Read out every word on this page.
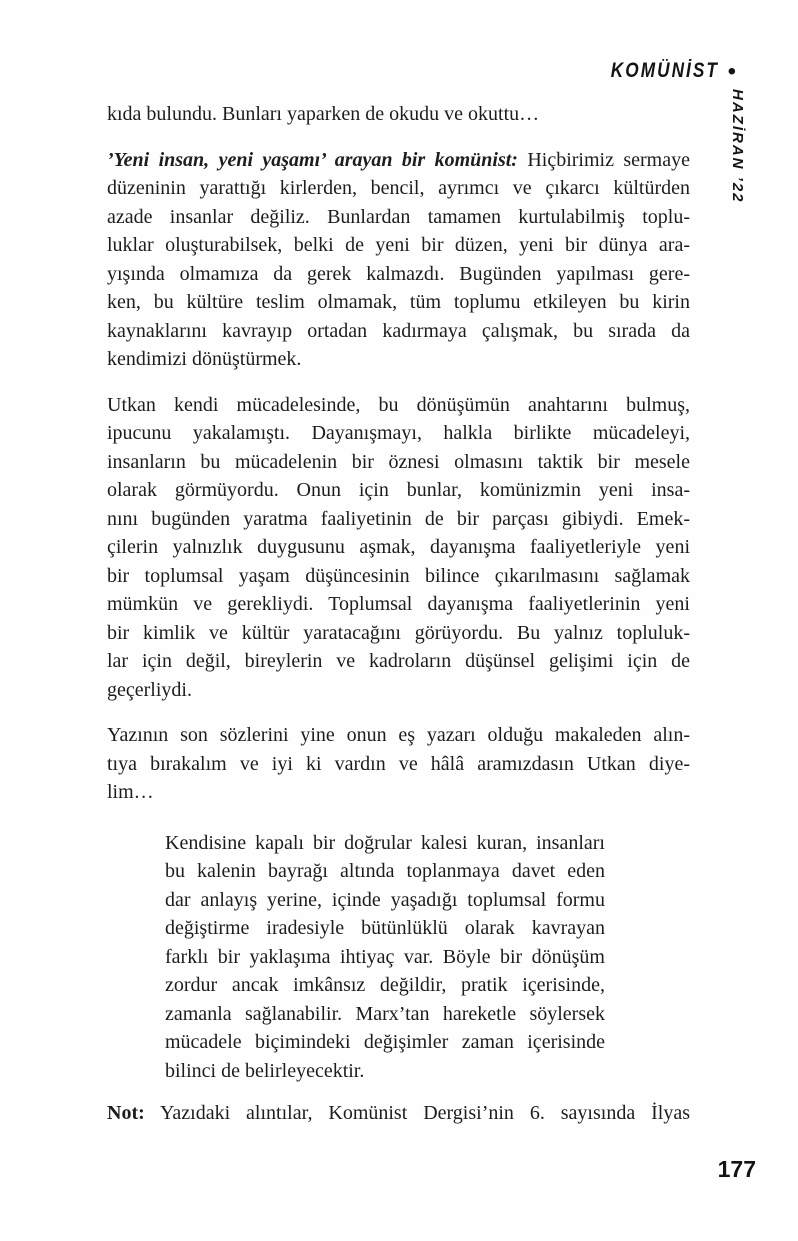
KOMÜNİST •
HAZİRAN ’22
kıda bulundu. Bunları yaparken de okudu ve okuttu…
’Yeni insan, yeni yaşamı’ arayan bir komünist: Hiçbirimiz sermaye
düzeninin yarattığı kirlerden, bencil, ayrımcı ve çıkarcı kültürden
azade insanlar değiliz. Bunlardan tamamen kurtulabilmiş toplu-
luklar oluşturabilsek, belki de yeni bir düzen, yeni bir dünya ara-
yışında olmamıza da gerek kalmazdı. Bugünden yapılması gere-
ken, bu kültüre teslim olmamak, tüm toplumu etkileyen bu kirin
kaynaklarını kavrayıp ortadan kadırmaya çalışmak, bu sırada da
kendimizi dönüştürmek.
Utkan kendi mücadelesinde, bu dönüşümün anahtarını bulmuş,
ipucunu yakalamıştı. Dayanışmayı, halkla birlikte mücadeleyi,
insanların bu mücadelenin bir öznesi olmasını taktik bir mesele
olarak görmüyordu. Onun için bunlar, komünizmin yeni insa-
nını bugünden yaratma faaliyetinin de bir parçası gibiydi. Emek-
çilerin yalnızlık duygusunu aşmak, dayanışma faaliyetleriyle yeni
bir toplumsal yaşam düşüncesinin bilince çıkarılmasını sağlamak
mümkün ve gerekliydi. Toplumsal dayanışma faaliyetlerinin yeni
bir kimlik ve kültür yaratacağını görüyordu. Bu yalnız topluluk-
lar için değil, bireylerin ve kadroların düşünsel gelişimi için de
geçerliydi.
Yazının son sözlerini yine onun eş yazarı olduğu makaleden alın-
tıya bırakalım ve iyi ki vardın ve hâlâ aramızdasın Utkan diye-
lim…
Kendisine kapalı bir doğrular kalesi kuran, insanları
bu kalenin bayrağı altında toplanmaya davet eden
dar anlayış yerine, içinde yaşadığı toplumsal formu
değiştirme iradesiyle bütünlüklü olarak kavrayan
farklı bir yaklaşıma ihtiyaç var. Böyle bir dönüşüm
zordur ancak imkânsız değildir, pratik içerisinde,
zamanla sağlanabilir. Marx’tan hareketle söylersek
mücadele biçimindeki değişimler zaman içerisinde
bilinci de belirleyecektir.
Not: Yazıdaki alıntılar, Komünist Dergisi’nin 6. sayısında İlyas
177
